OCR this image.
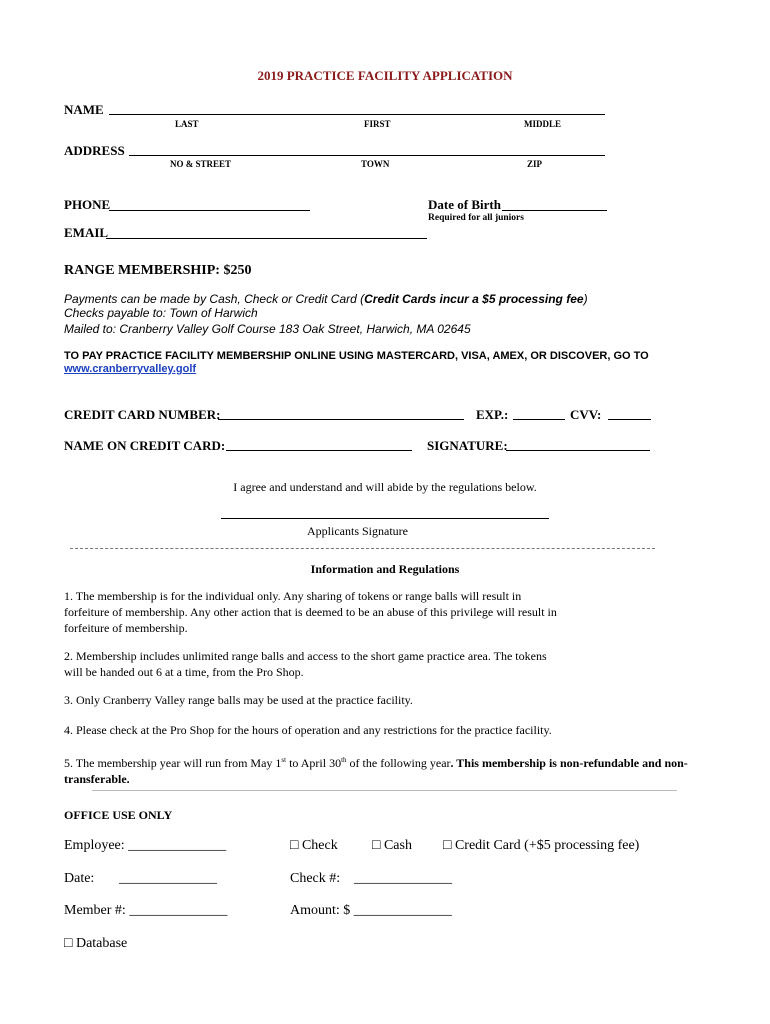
2019 PRACTICE FACILITY APPLICATION
NAME
LAST	FIRST	MIDDLE
ADDRESS
NO & STREET	TOWN	ZIP
PHONE	Date of Birth
Required for all juniors
EMAIL
RANGE MEMBERSHIP: $250
Payments can be made by Cash, Check or Credit Card (Credit Cards incur a $5 processing fee)
Checks payable to: Town of Harwich
Mailed to: Cranberry Valley Golf Course 183 Oak Street, Harwich, MA 02645
TO PAY PRACTICE FACILITY MEMBERSHIP ONLINE USING MASTERCARD, VISA, AMEX, OR DISCOVER, GO TO
www.cranberryvalley.golf
CREDIT CARD NUMBER:	EXP.:	CVV:
NAME ON CREDIT CARD:	SIGNATURE:
I agree and understand and will abide by the regulations below.
Applicants Signature
Information and Regulations
1. The membership is for the individual only. Any sharing of tokens or range balls will result in forfeiture of membership. Any other action that is deemed to be an abuse of this privilege will result in forfeiture of membership.
2. Membership includes unlimited range balls and access to the short game practice area. The tokens will be handed out 6 at a time, from the Pro Shop.
3. Only Cranberry Valley range balls may be used at the practice facility.
4. Please check at the Pro Shop for the hours of operation and any restrictions for the practice facility.
5. The membership year will run from May 1st to April 30th of the following year. This membership is non-refundable and non-transferable.
OFFICE USE ONLY
Employee: ______________	□ Check □ Cash □ Credit Card (+$5 processing fee)
Date: ______________	Check #: ______________
Member #: ______________	Amount: $ ______________
□ Database
